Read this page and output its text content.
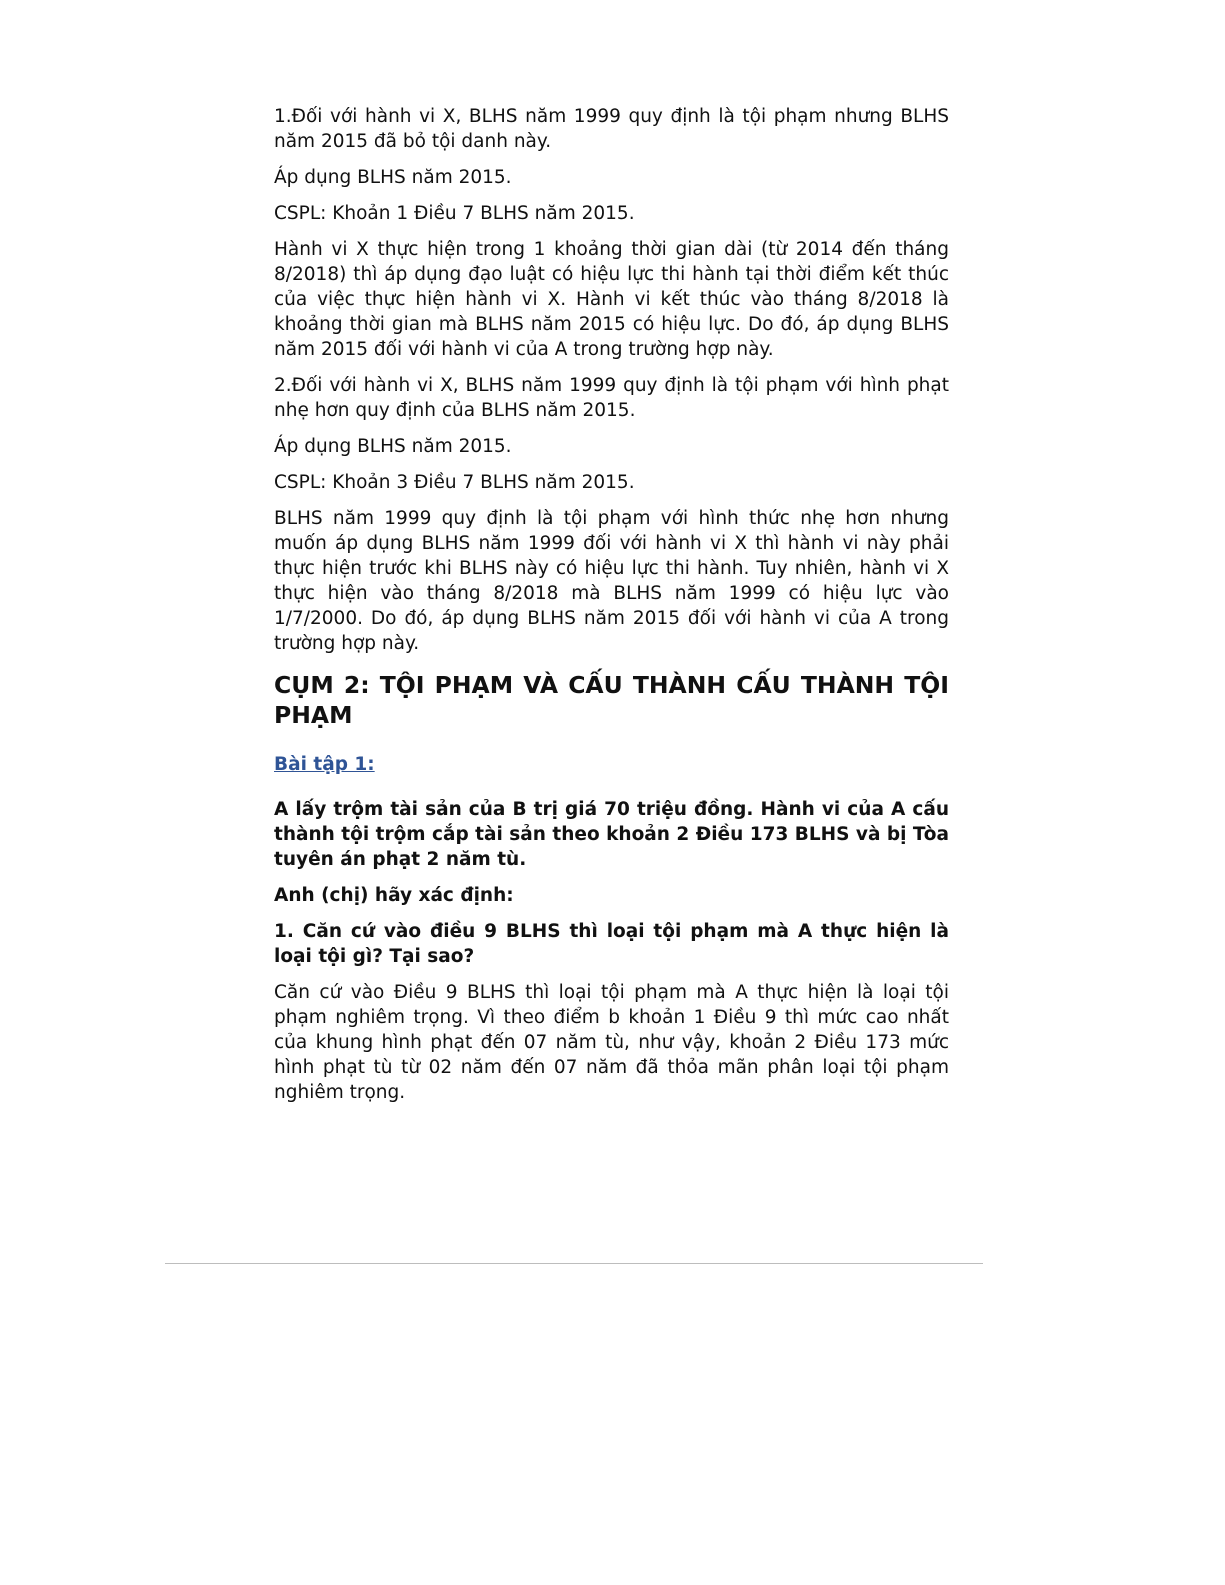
1.Đối với hành vi X, BLHS năm 1999 quy định là tội phạm nhưng BLHS năm 2015 đã bỏ tội danh này.

Áp dụng BLHS năm 2015.

CSPL: Khoản 1 Điều 7 BLHS năm 2015.

Hành vi X thực hiện trong 1 khoảng thời gian dài (từ 2014 đến tháng 8/2018) thì áp dụng đạo luật có hiệu lực thi hành tại thời điểm kết thúc của việc thực hiện hành vi X. Hành vi kết thúc vào tháng 8/2018 là khoảng thời gian mà BLHS năm 2015 có hiệu lực. Do đó, áp dụng BLHS năm 2015 đối với hành vi của A trong trường hợp này.

2.Đối với hành vi X, BLHS năm 1999 quy định là tội phạm với hình phạt nhẹ hơn quy định của BLHS năm 2015.

Áp dụng BLHS năm 2015.

CSPL: Khoản 3 Điều 7 BLHS năm 2015.

BLHS năm 1999 quy định là tội phạm với hình thức nhẹ hơn nhưng muốn áp dụng BLHS năm 1999 đối với hành vi X thì hành vi này phải thực hiện trước khi BLHS này có hiệu lực thi hành. Tuy nhiên, hành vi X thực hiện vào tháng 8/2018 mà BLHS năm 1999 có hiệu lực vào 1/7/2000. Do đó, áp dụng BLHS năm 2015 đối với hành vi của A trong trường hợp này.

CỤM 2: TỘI PHẠM VÀ CẤU THÀNH CẤU THÀNH TỘI PHẠM
Bài tập 1:

A lấy trộm tài sản của B trị giá 70 triệu đồng. Hành vi của A cấu thành tội trộm cắp tài sản theo khoản 2 Điều 173 BLHS và bị Tòa tuyên án phạt 2 năm tù.

Anh (chị) hãy xác định:

1. Căn cứ vào điều 9 BLHS thì loại tội phạm mà A thực hiện là loại tội gì? Tại sao?

Căn cứ vào Điều 9 BLHS thì loại tội phạm mà A thực hiện là loại tội phạm nghiêm trọng. Vì theo điểm b khoản 1 Điều 9 thì mức cao nhất của khung hình phạt đến 07 năm tù, như vậy, khoản 2 Điều 173 mức hình phạt tù từ 02 năm đến 07 năm đã thỏa mãn phân loại tội phạm nghiêm trọng.
